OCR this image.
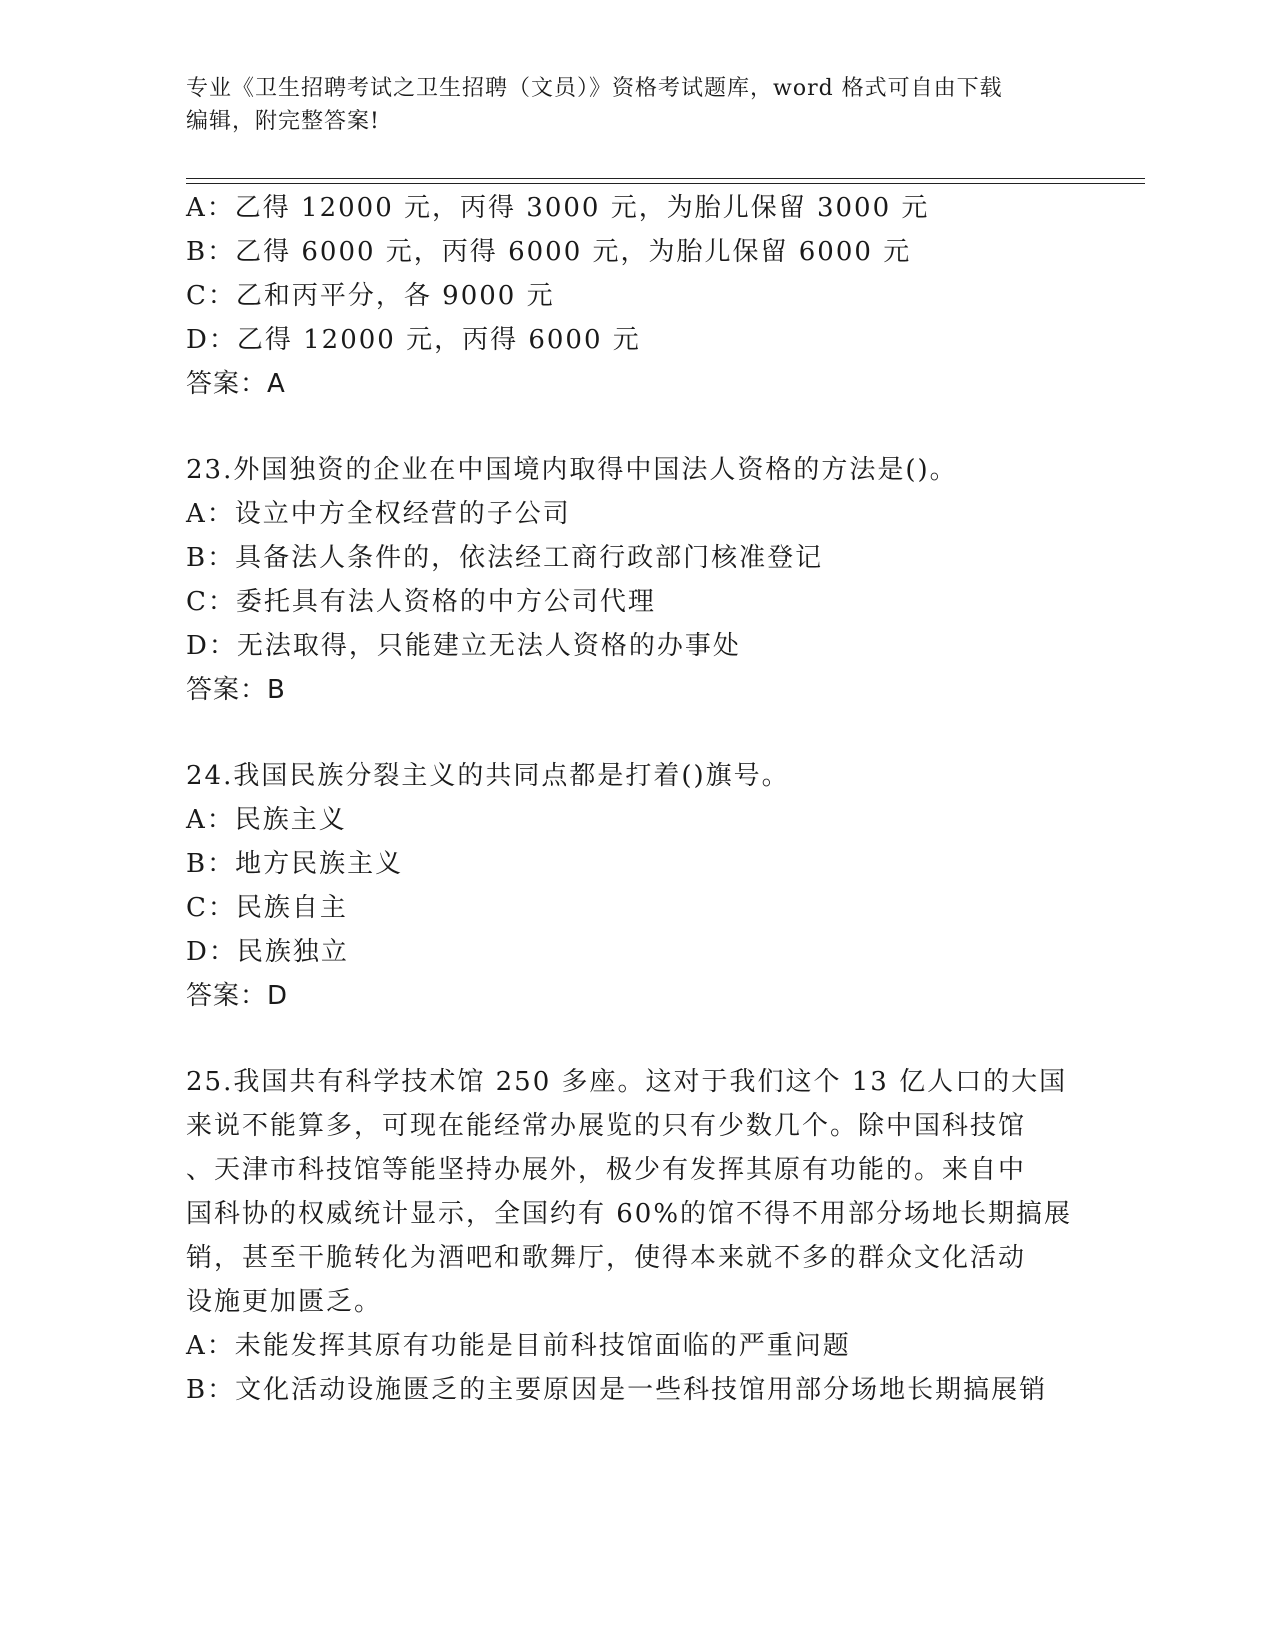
专业《卫生招聘考试之卫生招聘（文员）》资格考试题库，word 格式可自由下载
编辑，附完整答案!
A：乙得 12000 元，丙得 3000 元，为胎儿保留 3000 元
B：乙得 6000 元，丙得 6000 元，为胎儿保留 6000 元
C：乙和丙平分，各 9000 元
D：乙得 12000 元，丙得 6000 元
答案：A
23.外国独资的企业在中国境内取得中国法人资格的方法是()。
A：设立中方全权经营的子公司
B：具备法人条件的，依法经工商行政部门核准登记
C：委托具有法人资格的中方公司代理
D：无法取得，只能建立无法人资格的办事处
答案：B
24.我国民族分裂主义的共同点都是打着()旗号。
A：民族主义
B：地方民族主义
C：民族自主
D：民族独立
答案：D
25.我国共有科学技术馆 250 多座。这对于我们这个 13 亿人口的大国
来说不能算多，可现在能经常办展览的只有少数几个。除中国科技馆
、天津市科技馆等能坚持办展外，极少有发挥其原有功能的。来自中
国科协的权威统计显示，全国约有 60%的馆不得不用部分场地长期搞展
销，甚至干脆转化为酒吧和歌舞厅，使得本来就不多的群众文化活动
设施更加匮乏。
A：未能发挥其原有功能是目前科技馆面临的严重问题
B：文化活动设施匮乏的主要原因是一些科技馆用部分场地长期搞展销
